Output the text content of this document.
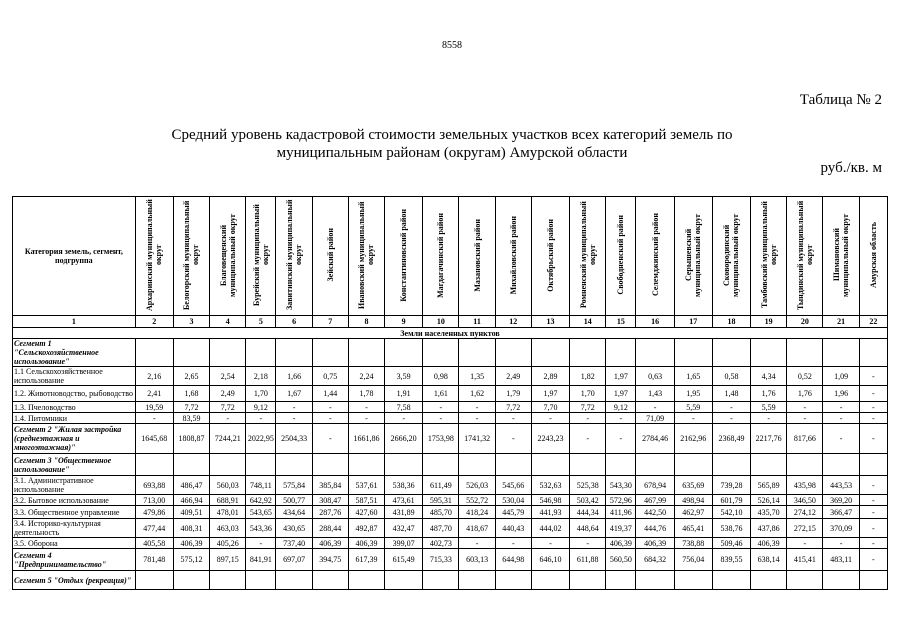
8558
Таблица № 2
Средний уровень кадастровой стоимости земельных участков всех категорий земель по муниципальным районам (округам) Амурской области
руб./кв. м
Категория земель, сегмент, подгруппа	Архаринский муниципальный округ	Белогорский муниципальный округ	Благовещенский муниципальный округ	Бурейский муниципальный округ	Завитинский муниципальный округ	Зейский район	Ивановский муниципальный округ	Константиновский район	Магдагачинский район	Мазановский район	Михайловский район	Октябрьский район	Ромненский муниципальный округ	Свободненский район	Селемджинский район	Серышевский муниципальный округ	Сковородинский муниципальный округ	Тамбовский муниципальный округ	Тындинский муниципальный округ	Шимановский муниципальный округ	Амурская область
1	2	3	4	5	6	7	8	9	10	11	12	13	14	15	16	17	18	19	20	21	22
Земли населенных пунктов																					
Сегмент 1 "Сельскохозяйственное использование"																					
1.1 Сельскохозяйственное использование	2,16	2,65	2,54	2,18	1,66	0,75	2,24	3,59	0,98	1,35	2,49	2,89	1,82	1,97	0,63	1,65	0,58	4,34	0,52	1,09	-
1.2. Животноводство, рыбоводство	2,41	1,68	2,49	1,70	1,67	1,44	1,78	1,91	1,61	1,62	1,79	1,97	1,70	1,97	1,43	1,95	1,48	1,76	1,76	1,96	-
1.3. Пчеловодство	19,59	7,72	7,72	9,12	-	-	-	7,58	-	-	7,72	7,70	7,72	9,12	-	5,59	-	5,59	-	-	-
1.4. Питомники	-	83,59	-	-	-	-	-	-	-	-	-	-	-	-	71,09	-	-	-	-	-	-
Сегмент 2 "Жилая застройка (среднеэтажная и многоэтажная)"	1645,68	1808,87	7244,21	2022,95	2504,33	-	1661,86	2666,20	1753,98	1741,32	-	2243,23	-	-	2784,46	2162,96	2368,49	2217,76	817,66	-	-
Сегмент 3 "Общественное использование"																					
3.1. Административное использование	693,88	486,47	560,03	748,11	575,84	385,84	537,61	538,36	611,49	526,03	545,66	532,63	525,38	543,30	678,94	635,69	739,28	565,89	435,98	443,53	-
3.2. Бытовое использование	713,00	466,94	688,91	642,92	500,77	308,47	587,51	473,61	595,31	552,72	530,04	546,98	503,42	572,96	467,99	498,94	601,79	526,14	346,50	369,20	-
3.3. Общественное управление	479,86	409,51	478,01	543,65	434,64	287,76	427,60	431,89	485,70	418,24	445,79	441,93	444,34	411,96	442,50	462,97	542,10	435,70	274,12	366,47	-
3.4. Историко-культурная деятельность	477,44	408,31	463,03	543,36	430,65	288,44	492,87	432,47	487,70	418,67	440,43	444,02	448,64	419,37	444,76	465,41	538,76	437,86	272,15	370,09	-
3.5. Оборона	405,58	406,39	405,26	-	737,40	406,39	406,39	399,07	402,73	-	-	-	-	406,39	406,39	738,88	509,46	406,39	-	-	-
Сегмент 4 "Предпринимательство"	781,48	575,12	897,15	841,91	697,07	394,75	617,39	615,49	715,33	603,13	644,98	646,10	611,88	560,50	684,32	756,04	839,55	638,14	415,41	483,11	-
Сегмент 5 "Отдых (рекреация)"																					
